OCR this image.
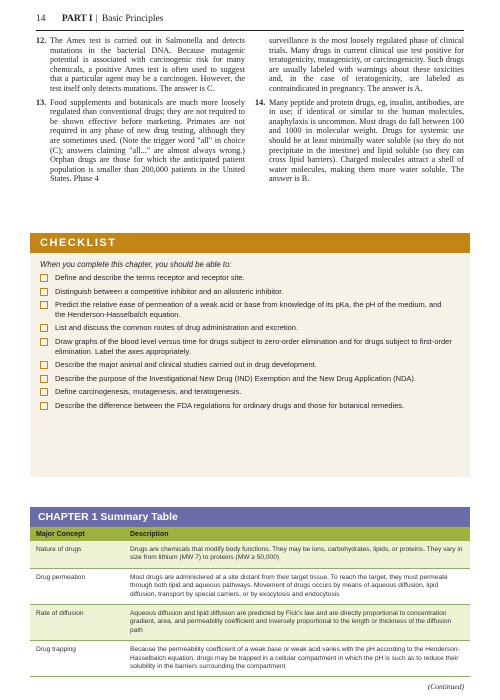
14 PART I | Basic Principles
12. The Ames test is carried out in Salmonella and detects mutations in the bacterial DNA. Because mutagenic potential is associated with carcinogenic risk for many chemicals, a positive Ames test is often used to suggest that a particular agent may be a carcinogen. However, the test itself only detects mutations. The answer is C.
13. Food supplements and botanicals are much more loosely regulated than conventional drugs; they are not required to be shown effective before marketing. Primates are not required in any phase of new drug testing, although they are sometimes used. (Note the trigger word "all" in choice (C); answers claiming "all..." are almost always wrong.) Orphan drugs are those for which the anticipated patient population is smaller than 200,000 patients in the United States. Phase 4
surveillance is the most loosely regulated phase of clinical trials. Many drugs in current clinical use test positive for teratogenicity, mutagenicity, or carcinogenicity. Such drugs are usually labeled with warnings about these toxicities and, in the case of teratogenicity, are labeled as contraindicated in pregnancy. The answer is A.
14. Many peptide and protein drugs, eg, insulin, antibodies, are in use; if identical or similar to the human molecules, anaphylaxis is uncommon. Most drugs do fall between 100 and 1000 in molecular weight. Drugs for systemic use should be at least minimally water soluble (so they do not precipitate in the intestine) and lipid soluble (so they can cross lipid barriers). Charged molecules attract a shell of water molecules, making them more water soluble. The answer is B.
CHECKLIST
When you complete this chapter, you should be able to:
Define and describe the terms receptor and receptor site.
Distinguish between a competitive inhibitor and an allosteric inhibitor.
Predict the relative ease of permeation of a weak acid or base from knowledge of its pKa, the pH of the medium, and the Henderson-Hasselbalch equation.
List and discuss the common routes of drug administration and excretion.
Draw graphs of the blood level versus time for drugs subject to zero-order elimination and for drugs subject to first-order elimination. Label the axes appropriately.
Describe the major animal and clinical studies carried out in drug development.
Describe the purpose of the Investigational New Drug (IND) Exemption and the New Drug Application (NDA).
Define carcinogenesis, mutagenesis, and teratogenesis.
Describe the difference between the FDA regulations for ordinary drugs and those for botanical remedies.
CHAPTER 1 Summary Table
Major Concept	Description
Nature of drugs	Drugs are chemicals that modify body functions. They may be ions, carbohydrates, lipids, or proteins. They vary in size from lithium (MW 7) to proteins (MW ≥ 50,000)
Drug permeation	Most drugs are administered at a site distant from their target tissue. To reach the target, they must permeate through both lipid and aqueous pathways. Movement of drugs occurs by means of aqueous diffusion, lipid diffusion, transport by special carriers, or by exocytosis and endocytosis
Rate of diffusion	Aqueous diffusion and lipid diffusion are predicted by Fick's law and are directly proportional to concentration gradient, area, and permeability coefficient and inversely proportional to the length or thickness of the diffusion path
Drug trapping	Because the permeability coefficient of a weak base or weak acid varies with the pH according to the Henderson-Hasselbalch equation, drugs may be trapped in a cellular compartment in which the pH is such as to reduce their solubility in the barriers surrounding the compartment
(Continued)
